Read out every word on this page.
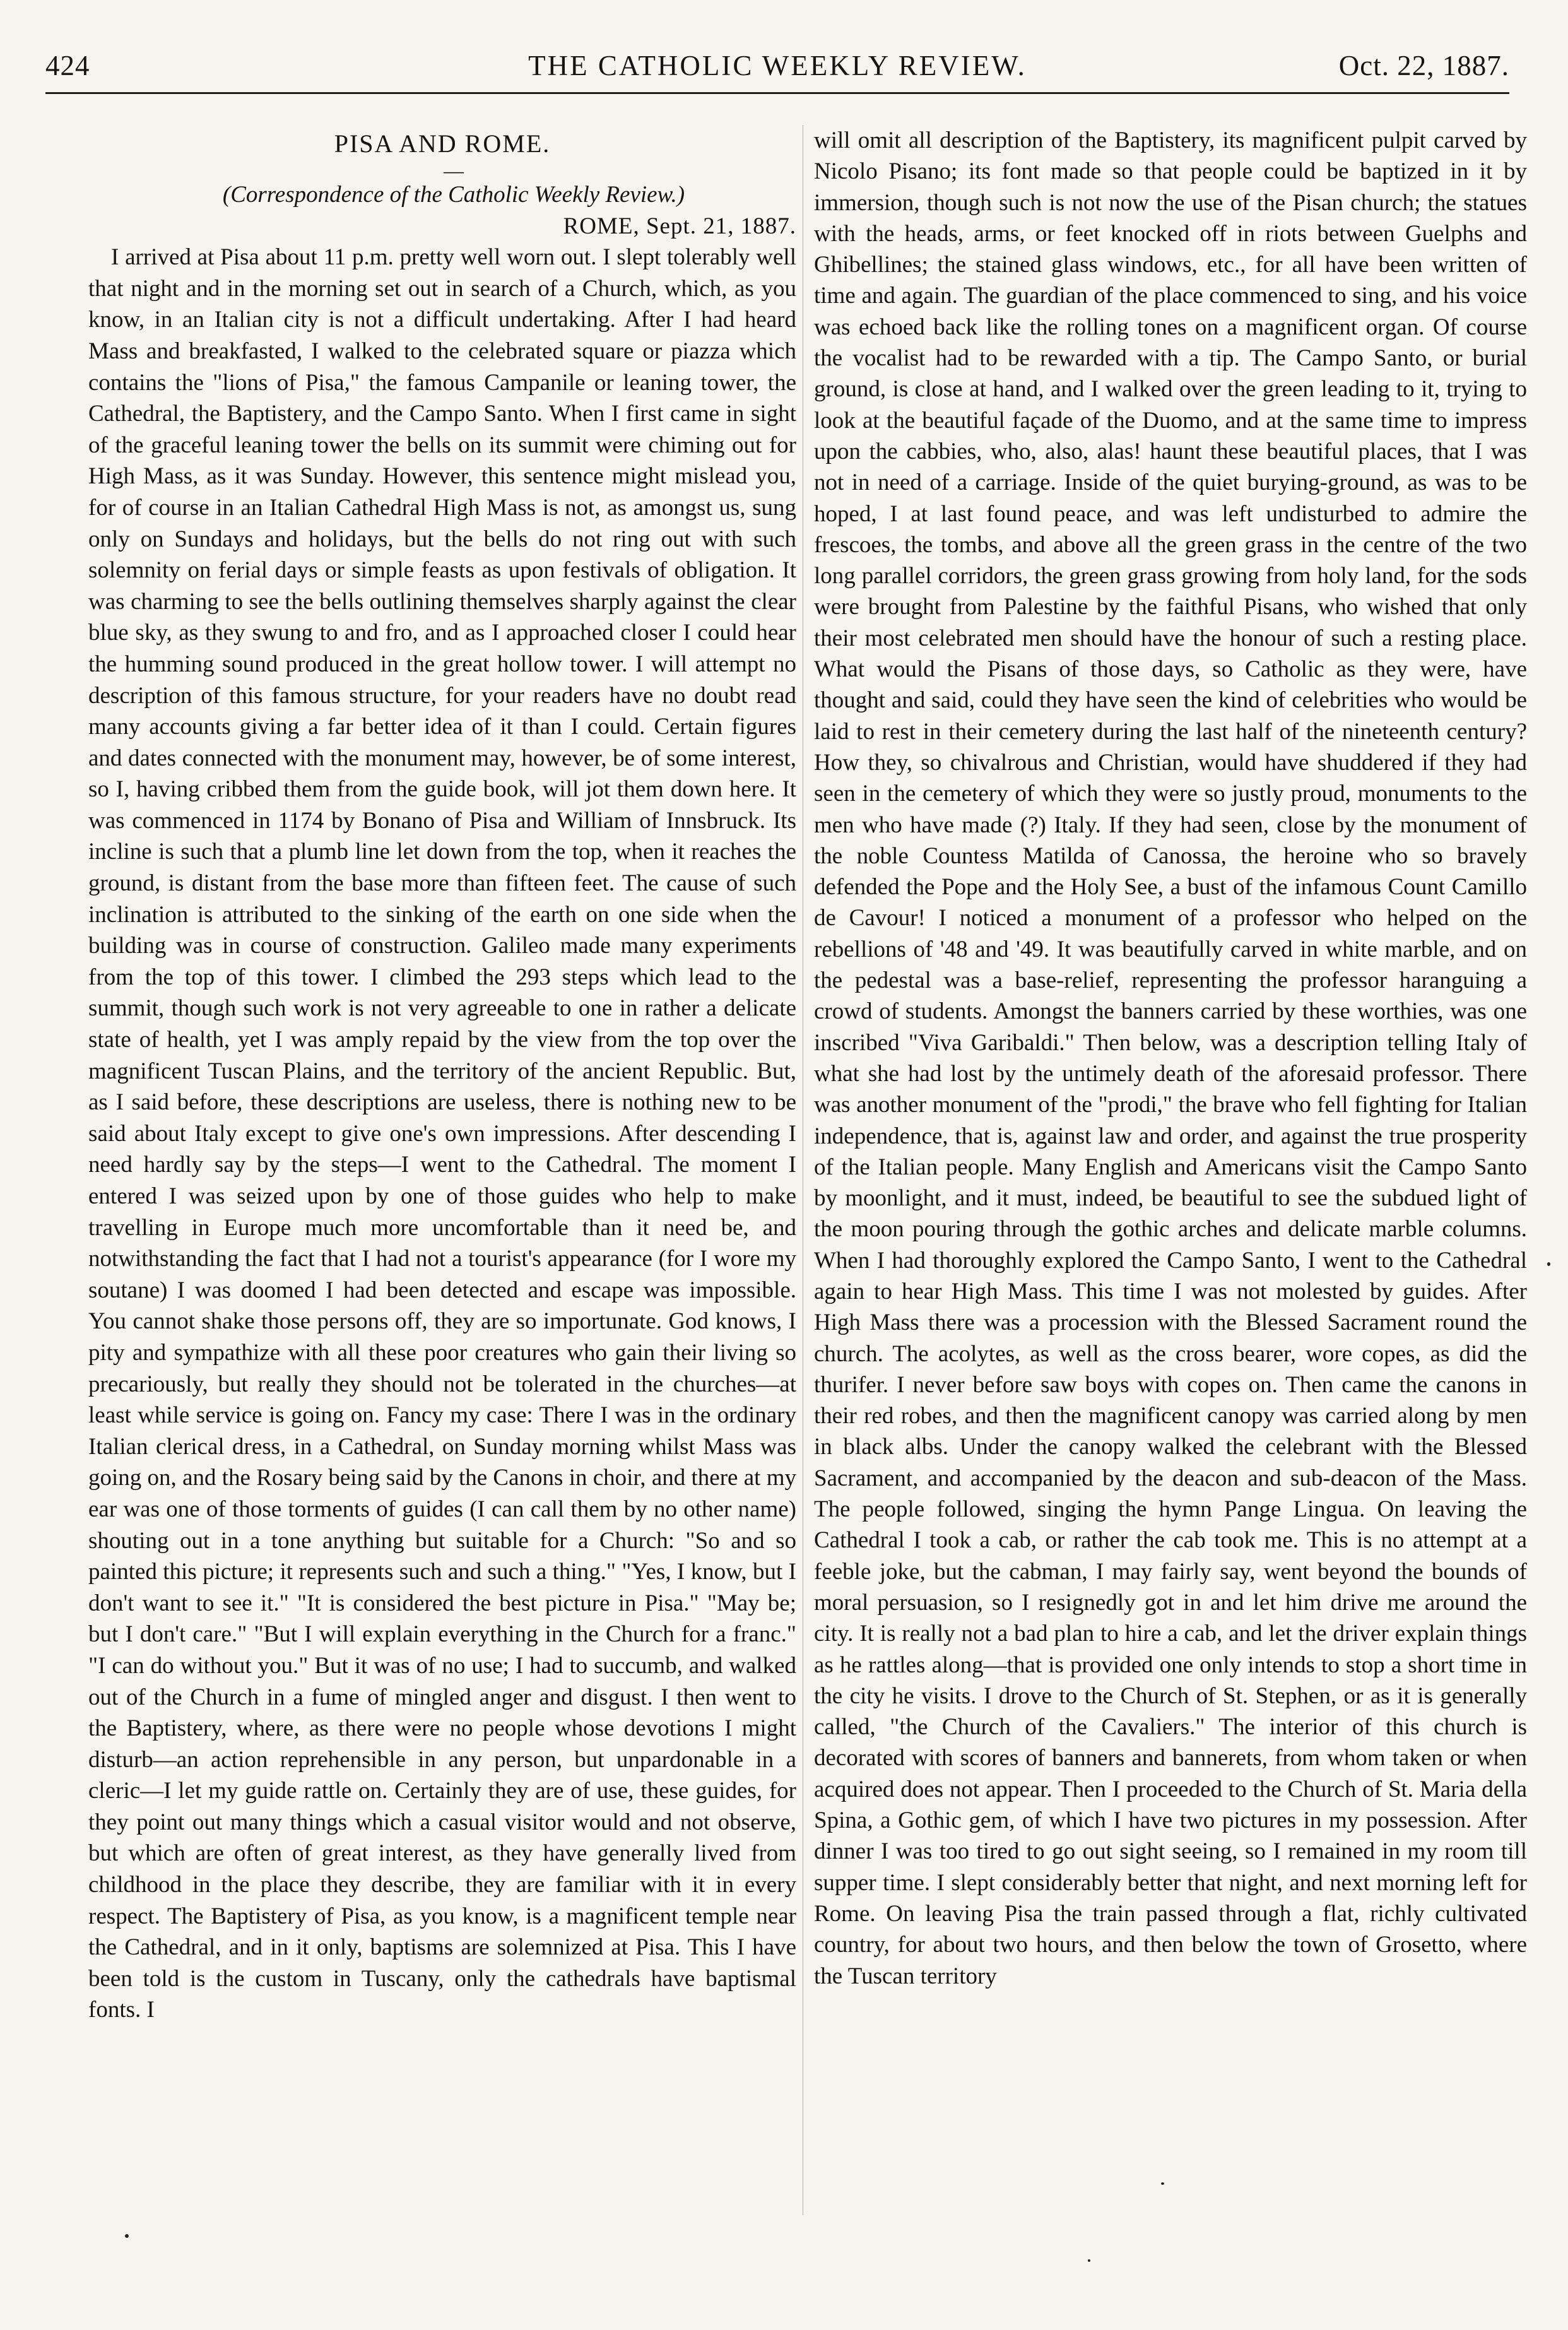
424	THE CATHOLIC WEEKLY REVIEW.	Oct. 22, 1887.

PISA AND ROME.

—

(Correspondence of the Catholic Weekly Review.)

ROME, Sept. 21, 1887.

I arrived at Pisa about 11 p.m. pretty well worn out. I slept tolerably well that night and in the morning set out in search of a Church, which, as you know, in an Italian city is not a difficult undertaking. After I had heard Mass and breakfasted, I walked to the celebrated square or piazza which contains the "lions of Pisa," the famous Campanile or leaning tower, the Cathedral, the Baptistery, and the Campo Santo. When I first came in sight of the graceful leaning tower the bells on its summit were chiming out for High Mass, as it was Sunday. However, this sentence might mislead you, for of course in an Italian Cathedral High Mass is not, as amongst us, sung only on Sundays and holidays, but the bells do not ring out with such solemnity on ferial days or simple feasts as upon festivals of obligation. It was charming to see the bells outlining themselves sharply against the clear blue sky, as they swung to and fro, and as I approached closer I could hear the humming sound produced in the great hollow tower. I will attempt no description of this famous structure, for your readers have no doubt read many accounts giving a far better idea of it than I could. Certain figures and dates connected with the monument may, however, be of some interest, so I, having cribbed them from the guide book, will jot them down here. It was commenced in 1174 by Bonano of Pisa and William of Innsbruck. Its incline is such that a plumb line let down from the top, when it reaches the ground, is distant from the base more than fifteen feet. The cause of such inclination is attributed to the sinking of the earth on one side when the building was in course of construction. Galileo made many experiments from the top of this tower. I climbed the 293 steps which lead to the summit, though such work is not very agreeable to one in rather a delicate state of health, yet I was amply repaid by the view from the top over the magnificent Tuscan Plains, and the territory of the ancient Republic. But, as I said before, these descriptions are useless, there is nothing new to be said about Italy except to give one's own impressions. After descending I need hardly say by the steps—I went to the Cathedral. The moment I entered I was seized upon by one of those guides who help to make travelling in Europe much more uncomfortable than it need be, and notwithstanding the fact that I had not a tourist's appearance (for I wore my soutane) I was doomed I had been detected and escape was impossible. You cannot shake those persons off, they are so importunate. God knows, I pity and sympathize with all these poor creatures who gain their living so precariously, but really they should not be tolerated in the churches—at least while service is going on. Fancy my case: There I was in the ordinary Italian clerical dress, in a Cathedral, on Sunday morning whilst Mass was going on, and the Rosary being said by the Canons in choir, and there at my ear was one of those torments of guides (I can call them by no other name) shouting out in a tone anything but suitable for a Church: "So and so painted this picture; it represents such and such a thing." "Yes, I know, but I don't want to see it." "It is considered the best picture in Pisa." "May be; but I don't care." "But I will explain everything in the Church for a franc." "I can do without you." But it was of no use; I had to succumb, and walked out of the Church in a fume of mingled anger and disgust. I then went to the Baptistery, where, as there were no people whose devotions I might disturb—an action reprehensible in any person, but unpardonable in a cleric—I let my guide rattle on. Certainly they are of use, these guides, for they point out many things which a casual visitor would and not observe, but which are often of great interest, as they have generally lived from childhood in the place they describe, they are familiar with it in every respect. The Baptistery of Pisa, as you know, is a magnificent temple near the Cathedral, and in it only, baptisms are solemnized at Pisa. This I have been told is the custom in Tuscany, only the cathedrals have baptismal fonts. I

will omit all description of the Baptistery, its magnificent pulpit carved by Nicolo Pisano; its font made so that people could be baptized in it by immersion, though such is not now the use of the Pisan church; the statues with the heads, arms, or feet knocked off in riots between Guelphs and Ghibellines; the stained glass windows, etc., for all have been written of time and again. The guardian of the place commenced to sing, and his voice was echoed back like the rolling tones on a magnificent organ. Of course the vocalist had to be rewarded with a tip. The Campo Santo, or burial ground, is close at hand, and I walked over the green leading to it, trying to look at the beautiful façade of the Duomo, and at the same time to impress upon the cabbies, who, also, alas! haunt these beautiful places, that I was not in need of a carriage. Inside of the quiet burying-ground, as was to be hoped, I at last found peace, and was left undisturbed to admire the frescoes, the tombs, and above all the green grass in the centre of the two long parallel corridors, the green grass growing from holy land, for the sods were brought from Palestine by the faithful Pisans, who wished that only their most celebrated men should have the honour of such a resting place. What would the Pisans of those days, so Catholic as they were, have thought and said, could they have seen the kind of celebrities who would be laid to rest in their cemetery during the last half of the nineteenth century? How they, so chivalrous and Christian, would have shuddered if they had seen in the cemetery of which they were so justly proud, monuments to the men who have made (?) Italy. If they had seen, close by the monument of the noble Countess Matilda of Canossa, the heroine who so bravely defended the Pope and the Holy See, a bust of the infamous Count Camillo de Cavour! I noticed a monument of a professor who helped on the rebellions of '48 and '49. It was beautifully carved in white marble, and on the pedestal was a base-relief, representing the professor haranguing a crowd of students. Amongst the banners carried by these worthies, was one inscribed "Viva Garibaldi." Then below, was a description telling Italy of what she had lost by the untimely death of the aforesaid professor. There was another monument of the "prodi," the brave who fell fighting for Italian independence, that is, against law and order, and against the true prosperity of the Italian people. Many English and Americans visit the Campo Santo by moonlight, and it must, indeed, be beautiful to see the subdued light of the moon pouring through the gothic arches and delicate marble columns. When I had thoroughly explored the Campo Santo, I went to the Cathedral again to hear High Mass. This time I was not molested by guides. After High Mass there was a procession with the Blessed Sacrament round the church. The acolytes, as well as the cross bearer, wore copes, as did the thurifer. I never before saw boys with copes on. Then came the canons in their red robes, and then the magnificent canopy was carried along by men in black albs. Under the canopy walked the celebrant with the Blessed Sacrament, and accompanied by the deacon and sub-deacon of the Mass. The people followed, singing the hymn Pange Lingua. On leaving the Cathedral I took a cab, or rather the cab took me. This is no attempt at a feeble joke, but the cabman, I may fairly say, went beyond the bounds of moral persuasion, so I resignedly got in and let him drive me around the city. It is really not a bad plan to hire a cab, and let the driver explain things as he rattles along—that is provided one only intends to stop a short time in the city he visits. I drove to the Church of St. Stephen, or as it is generally called, "the Church of the Cavaliers." The interior of this church is decorated with scores of banners and bannerets, from whom taken or when acquired does not appear. Then I proceeded to the Church of St. Maria della Spina, a Gothic gem, of which I have two pictures in my possession. After dinner I was too tired to go out sight seeing, so I remained in my room till supper time. I slept considerably better that night, and next morning left for Rome. On leaving Pisa the train passed through a flat, richly cultivated country, for about two hours, and then below the town of Grosetto, where the Tuscan territory
